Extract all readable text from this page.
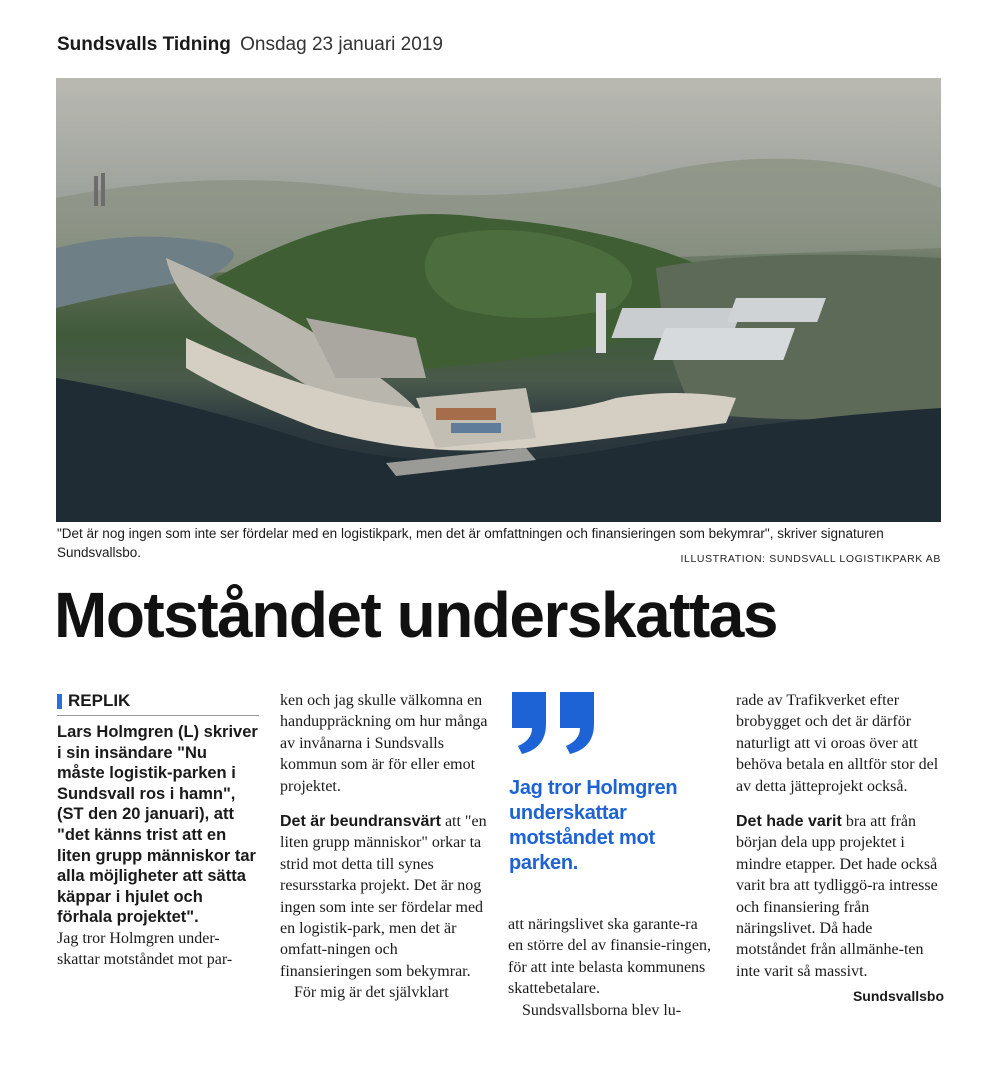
Sundsvalls Tidning Onsdag 23 januari 2019
"Det är nog ingen som inte ser fördelar med en logistikpark, men det är omfattningen och finansieringen som bekymrar", skriver signaturen Sundsvallsbo.	ILLUSTRATION: SUNDSVALL LOGISTIKPARK AB
Motståndet underskattas
REPLIK

Lars Holmgren (L) skriver i sin insändare "Nu måste logistik-parken i Sundsvall ros i hamn", (ST den 20 januari), att "det känns trist att en liten grupp människor tar alla möjligheter att sätta käppar i hjulet och förhala projektet".

Jag tror Holmgren under-skattar motståndet mot par-

ken och jag skulle välkomna en handuppräckning om hur många av invånarna i Sundsvalls kommun som är för eller emot projektet.

Det är beundransvärt att "en liten grupp människor" orkar ta strid mot detta till synes resursstarka projekt. Det är nog ingen som inte ser fördelar med en logistik-park, men det är omfatt-ningen och finansieringen som bekymrar.

För mig är det självklart

Jag tror Holmgren underskattar motståndet mot parken.

att näringslivet ska garante-ra en större del av finansie-ringen, för att inte belasta kommunens skattebetalare.

Sundsvallsborna blev lu-

rade av Trafikverket efter brobygget och det är därför naturligt att vi oroas över att behöva betala en alltför stor del av detta jätteprojekt också.

Det hade varit bra att från början dela upp projektet i mindre etapper. Det hade också varit bra att tydliggö-ra intresse och finansiering från näringslivet. Då hade motståndet från allmänhe-ten inte varit så massivt.

Sundsvallsbo
